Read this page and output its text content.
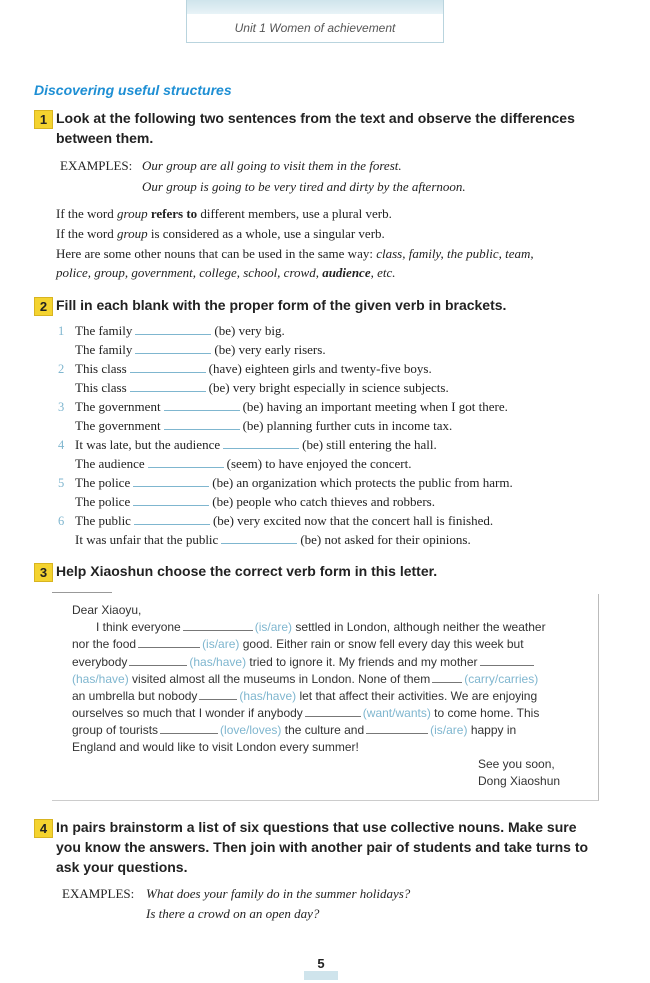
Unit 1 Women of achievement
Discovering useful structures
1 Look at the following two sentences from the text and observe the differences
between them.
EXAMPLES: Our group are all going to visit them in the forest.
Our group is going to be very tired and dirty by the afternoon.
If the word group refers to different members, use a plural verb.
If the word group is considered as a whole, use a singular verb.
Here are some other nouns that can be used in the same way: class, family, the public, team,
police, group, government, college, school, crowd, audience, etc.
2 Fill in each blank with the proper form of the given verb in brackets.
1 The family	(be) very big.
The family	(be) very early risers.
2 This class	(have) eighteen girls and twenty-five boys.
This class	(be) very bright especially in science subjects.
3 The government	(be) having an important meeting when I got there.
The government	(be) planning further cuts in income tax.
4 It was late, but the audience	(be) still entering the hall.
The audience	(seem) to have enjoyed the concert.
5 The police	(be) an organization which protects the public from harm.
The police	(be) people who catch thieves and robbers.
6 The public	(be) very excited now that the concert hall is finished.
It was unfair that the public	(be) not asked for their opinions.
3 Help Xiaoshun choose the correct verb form in this letter.
Dear Xiaoyu,
I think everyone	(is/are) settled in London, although neither the weather
nor the food	(is/are) good. Either rain or snow fell every day this week but
everybody	(has/have) tried to ignore it. My friends and my mother
(has/have) visited almost all the museums in London. None of them	(carry/carries)
an umbrella but nobody	(has/have) let that affect their activities. We are enjoying
ourselves so much that I wonder if anybody	(want/wants) to come home. This
group of tourists	(love/loves) the culture and	(is/are) happy in
England and would like to visit London every summer!
See you soon,
Dong Xiaoshun
4 In pairs brainstorm a list of six questions that use collective nouns. Make sure
you know the answers. Then join with another pair of students and take turns to
ask your questions.
EXAMPLES: What does your family do in the summer holidays?
Is there a crowd on an open day?
5
